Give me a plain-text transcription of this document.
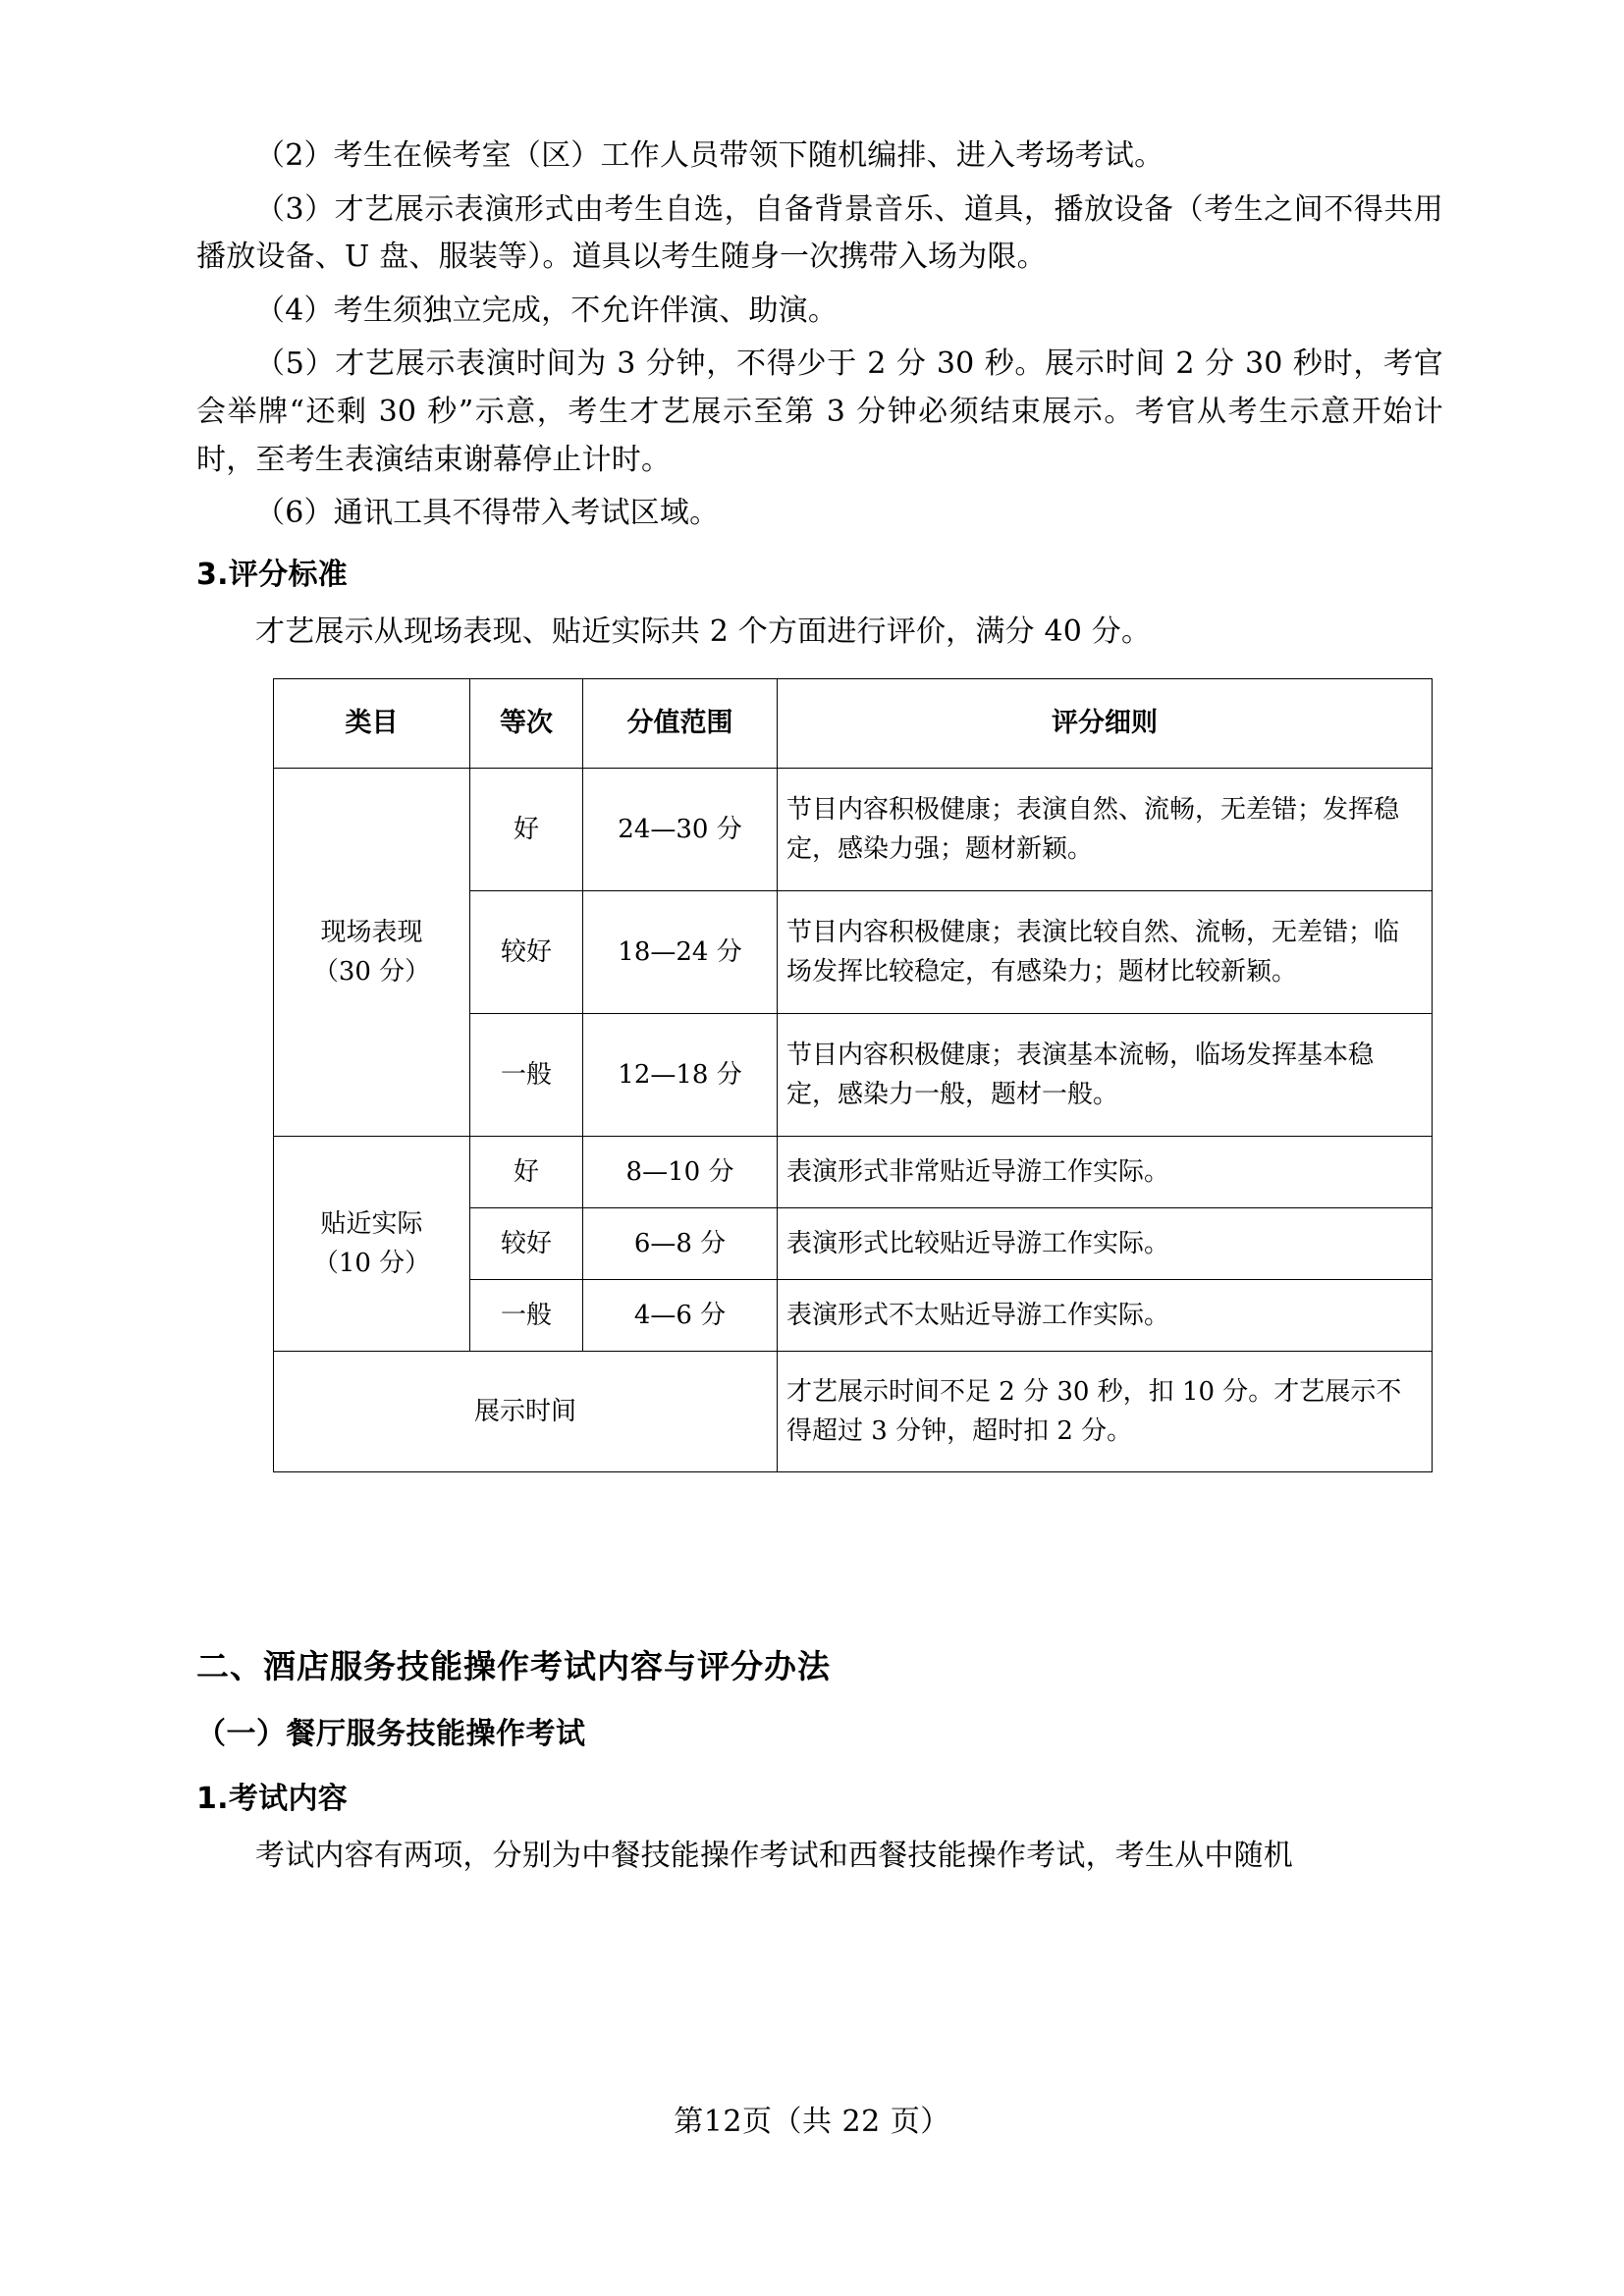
（2）考生在候考室（区）工作人员带领下随机编排、进入考场考试。

（3）才艺展示表演形式由考生自选，自备背景音乐、道具，播放设备（考生之间不得共用播放设备、U 盘、服装等）。道具以考生随身一次携带入场为限。

（4）考生须独立完成，不允许伴演、助演。

（5）才艺展示表演时间为 3 分钟，不得少于 2 分 30 秒。展示时间 2 分 30 秒时，考官会举牌“还剩 30 秒”示意，考生才艺展示至第 3 分钟必须结束展示。考官从考生示意开始计时，至考生表演结束谢幕停止计时。

（6）通讯工具不得带入考试区域。

3.评分标准

才艺展示从现场表现、贴近实际共 2 个方面进行评价，满分 40 分。

类目	等次	分值范围	评分细则

现场表现
（30 分）	好	24—30 分	节目内容积极健康；表演自然、流畅，无差错；发挥稳定，感染力强；题材新颖。
	较好	18—24 分	节目内容积极健康；表演比较自然、流畅，无差错；临场发挥比较稳定，有感染力；题材比较新颖。
	一般	12—18 分	节目内容积极健康；表演基本流畅，临场发挥基本稳定，感染力一般，题材一般。

贴近实际
（10 分）	好	8—10 分	表演形式非常贴近导游工作实际。
	较好	6—8 分	表演形式比较贴近导游工作实际。
	一般	4—6 分	表演形式不太贴近导游工作实际。
展示时间			才艺展示时间不足 2 分 30 秒，扣 10 分。才艺展示不得超过 3 分钟，超时扣 2 分。
二、酒店服务技能操作考试内容与评分办法
（一）餐厅服务技能操作考试
1.考试内容

考试内容有两项，分别为中餐技能操作考试和西餐技能操作考试，考生从中随机

第12页（共 22 页）
